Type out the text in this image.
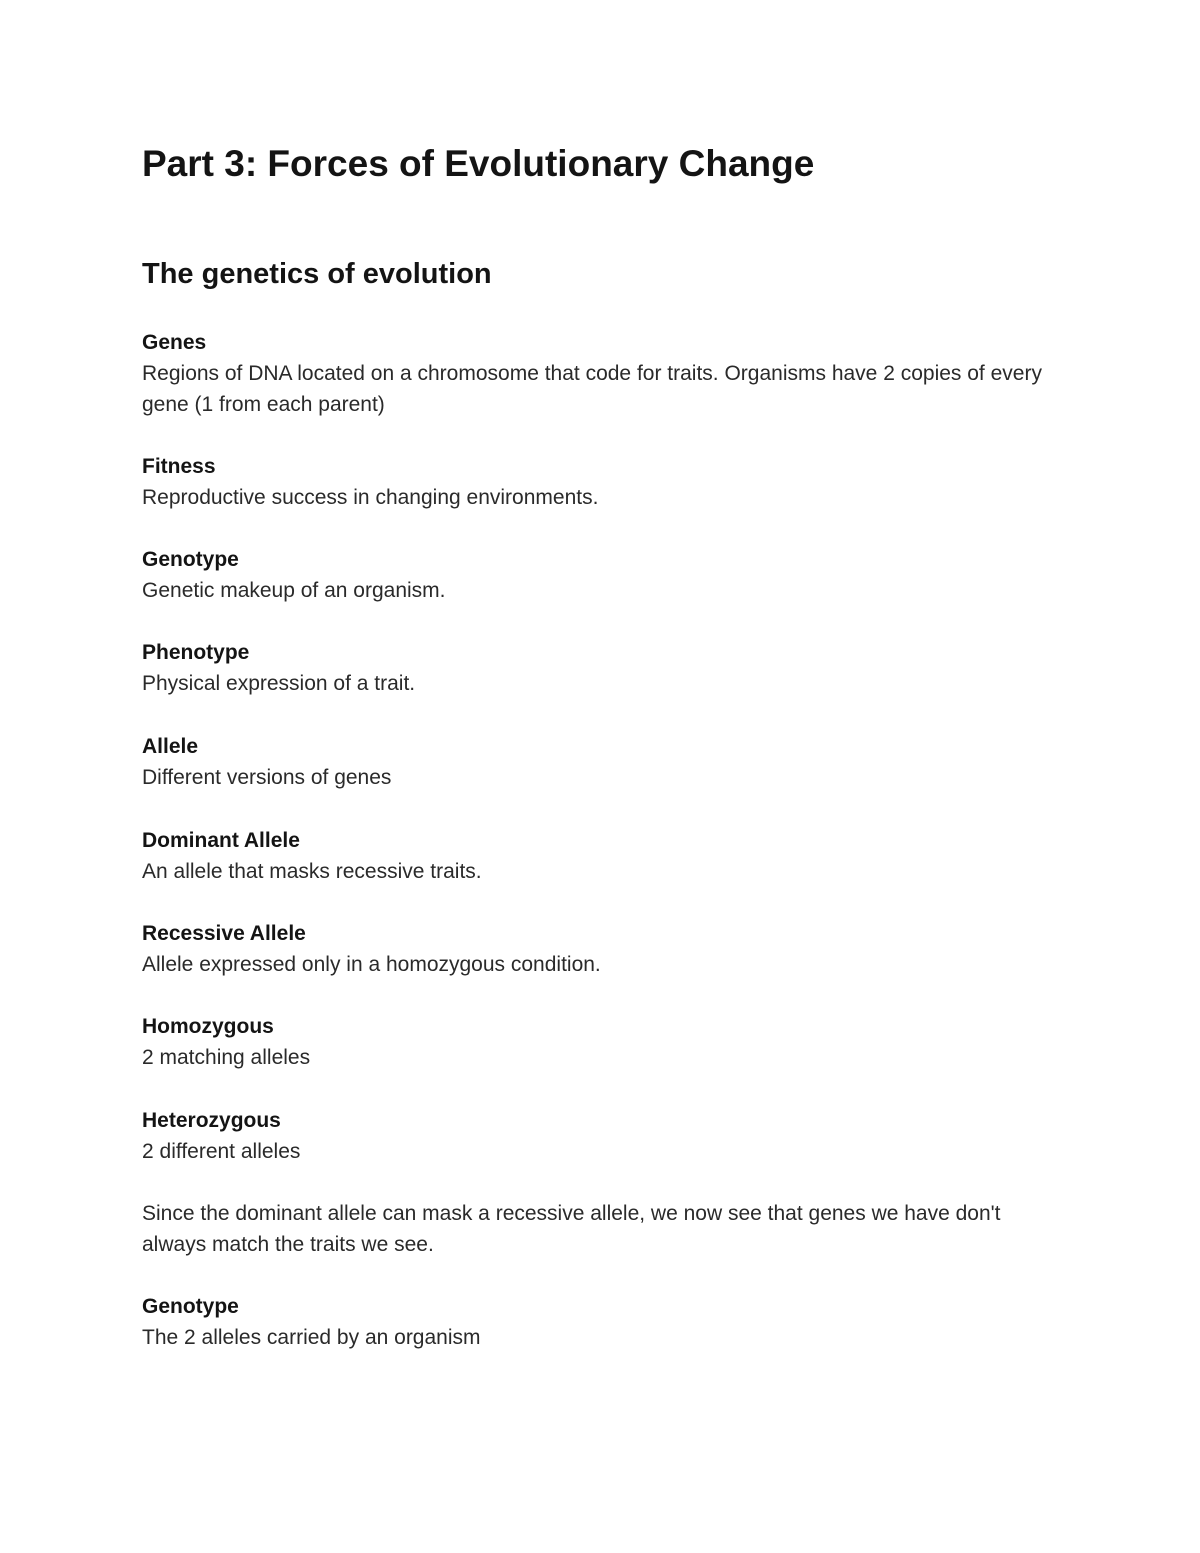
Part 3: Forces of Evolutionary Change
The genetics of evolution
Genes
Regions of DNA located on a chromosome that code for traits. Organisms have 2 copies of every gene (1 from each parent)
Fitness
Reproductive success in changing environments.
Genotype
Genetic makeup of an organism.
Phenotype
Physical expression of a trait.
Allele
Different versions of genes
Dominant Allele
An allele that masks recessive traits.
Recessive Allele
Allele expressed only in a homozygous condition.
Homozygous
2 matching alleles
Heterozygous
2 different alleles
Since the dominant allele can mask a recessive allele, we now see that genes we have don't always match the traits we see.
Genotype
The 2 alleles carried by an organism
